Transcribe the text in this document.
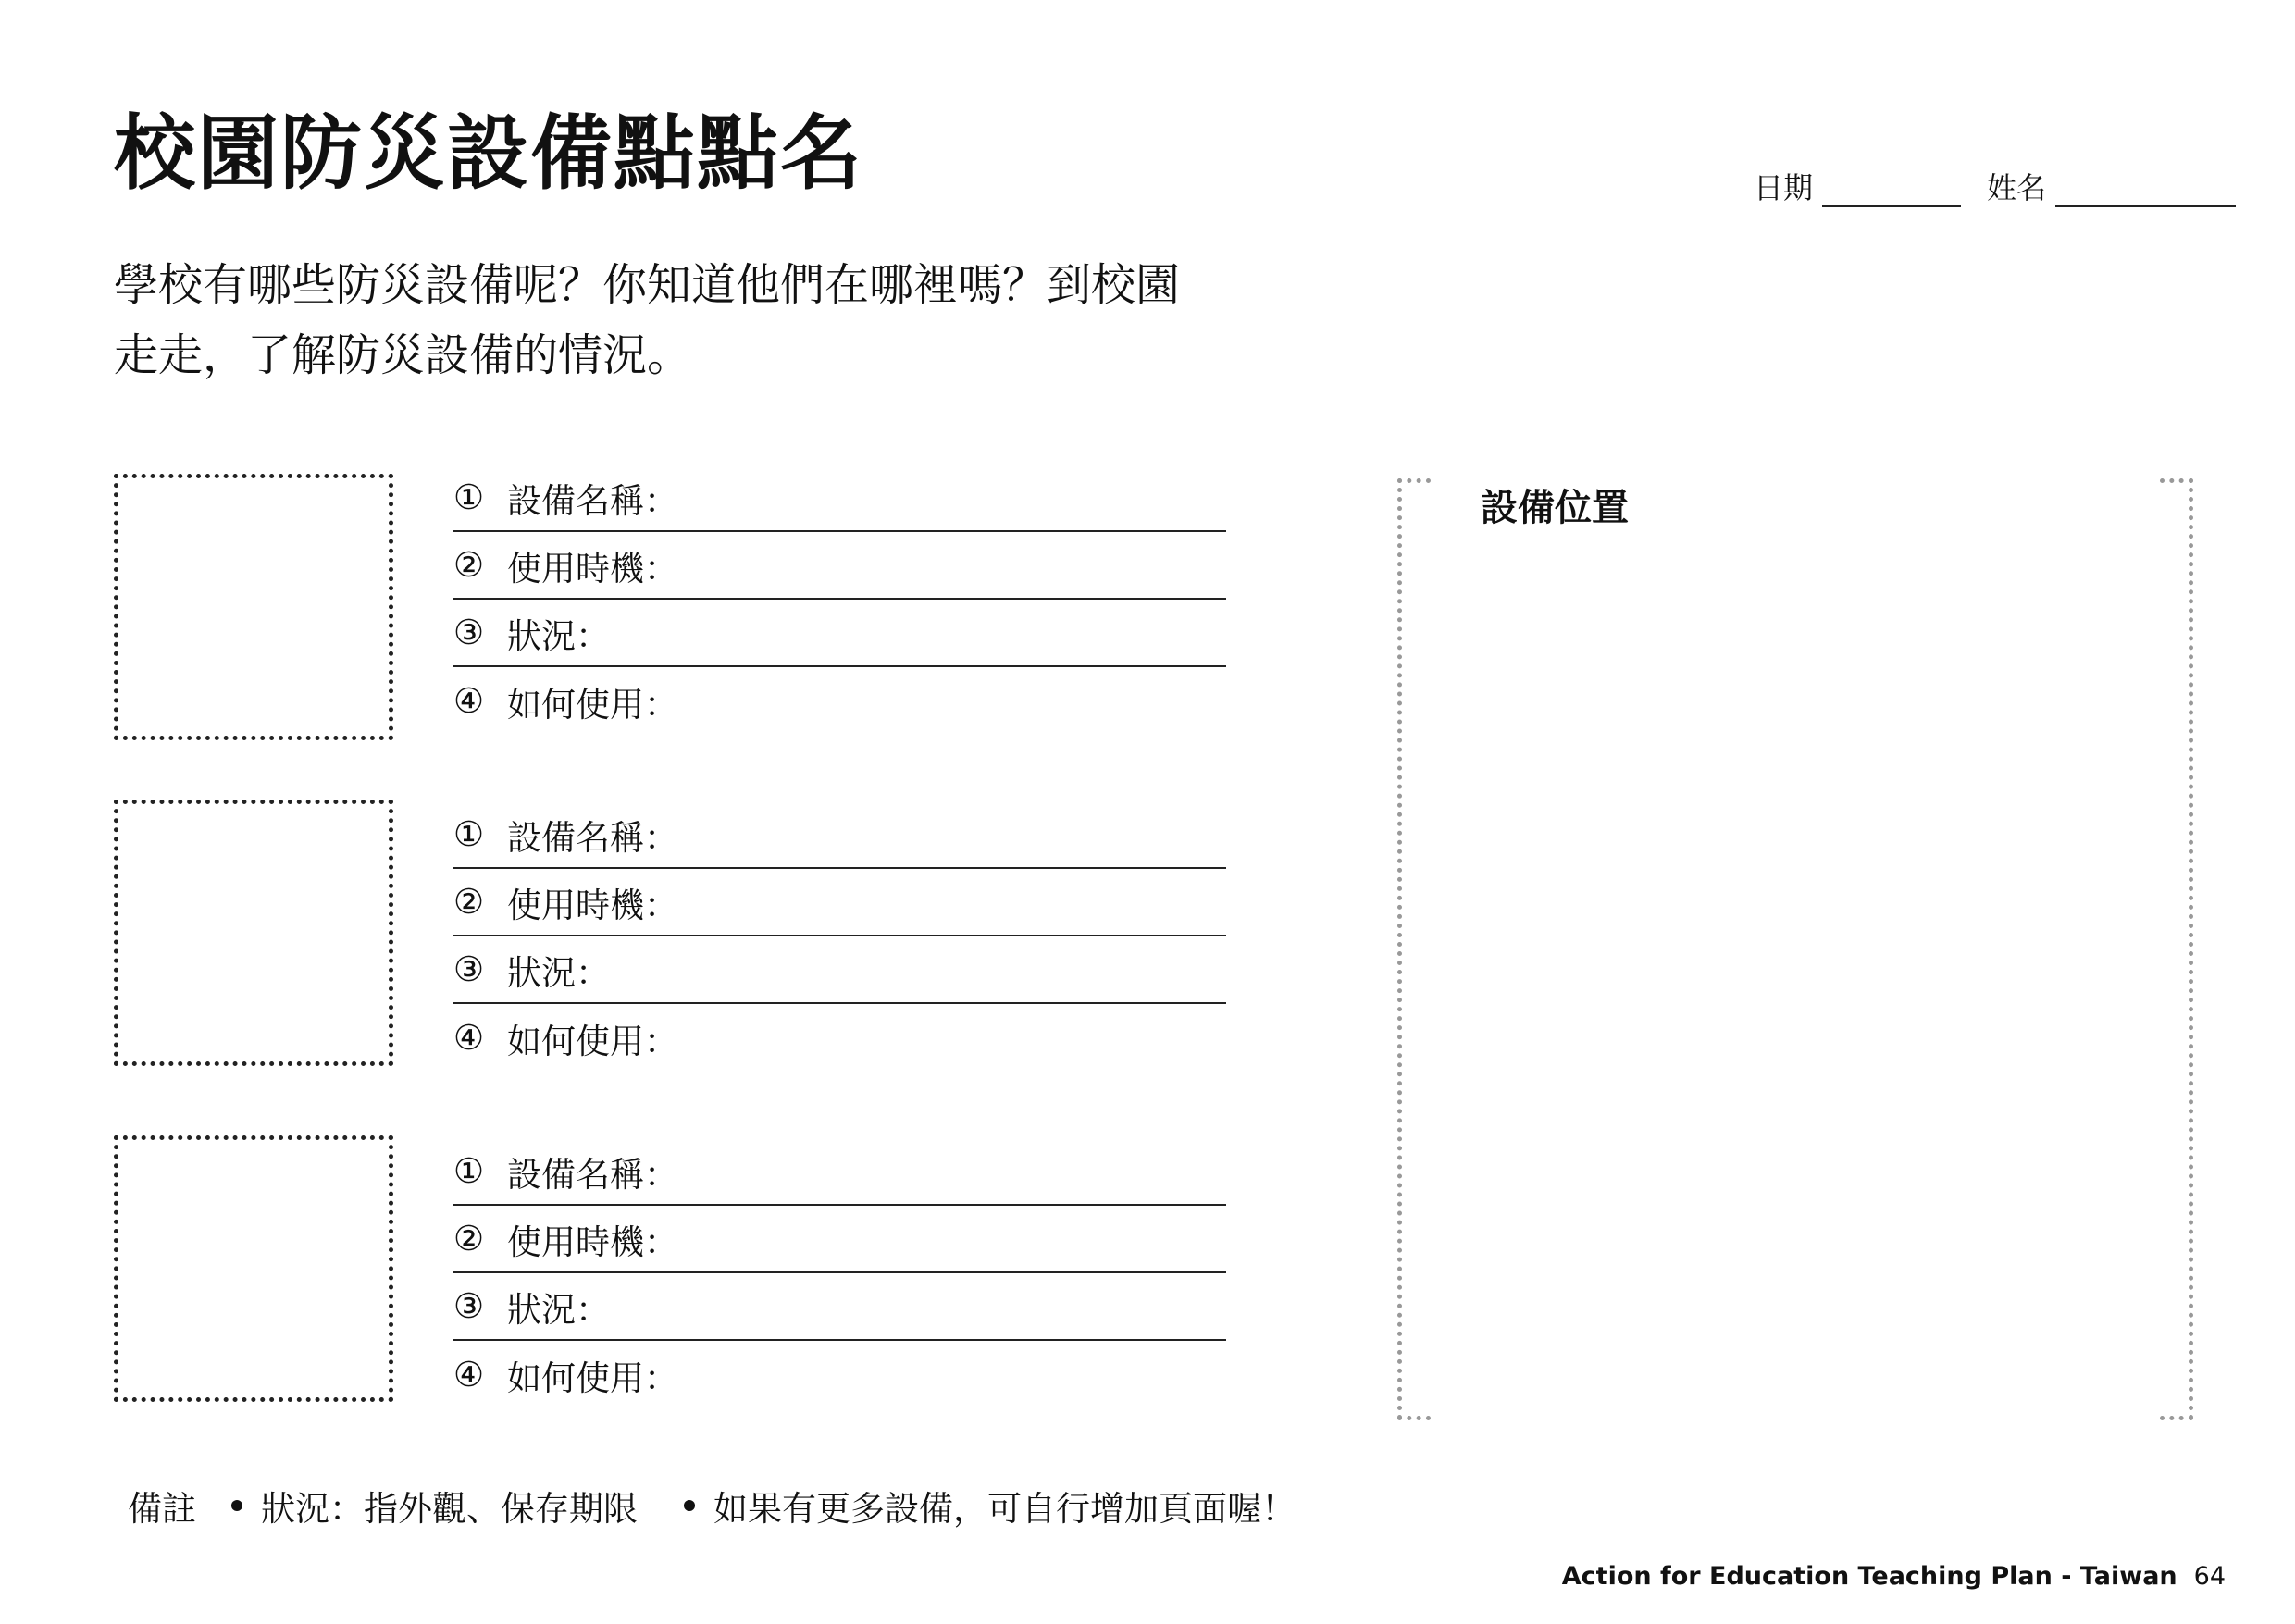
校園防災設備點點名	日期	姓名
學校有哪些防災設備呢？你知道他們在哪裡嗎？到校園
走走，了解防災設備的情況。
① 設備名稱：
② 使用時機：
③ 狀況：
④ 如何使用：
① 設備名稱：
② 使用時機：
③ 狀況：
④ 如何使用：
① 設備名稱：
② 使用時機：
③ 狀況：
④ 如何使用：
設備位置
備註 狀況：指外觀、保存期限 如果有更多設備，可自行增加頁面喔！
Action for Education Teaching Plan - Taiwan 64
